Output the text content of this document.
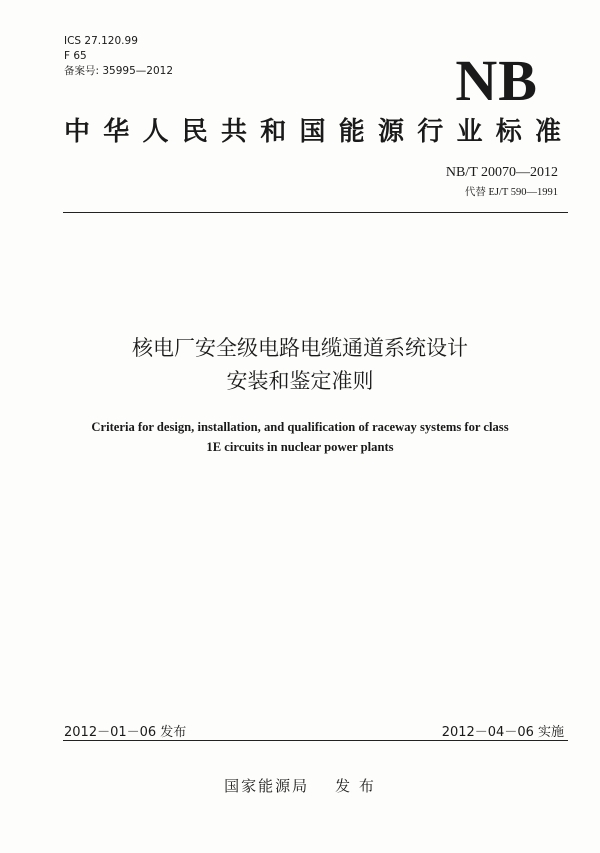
ICS 27.120.99
F 65
备案号: 35995—2012	NB
中华人民共和国能源行业标准
NB/T 20070—2012
代替 EJ/T 590—1991
核电厂安全级电路电缆通道系统设计
安装和鉴定准则
Criteria for design, installation, and qualification of raceway systems for class
1E circuits in nuclear power plants
2012－01－06 发布	2012－04－06 实施
国家能源局 发 布
